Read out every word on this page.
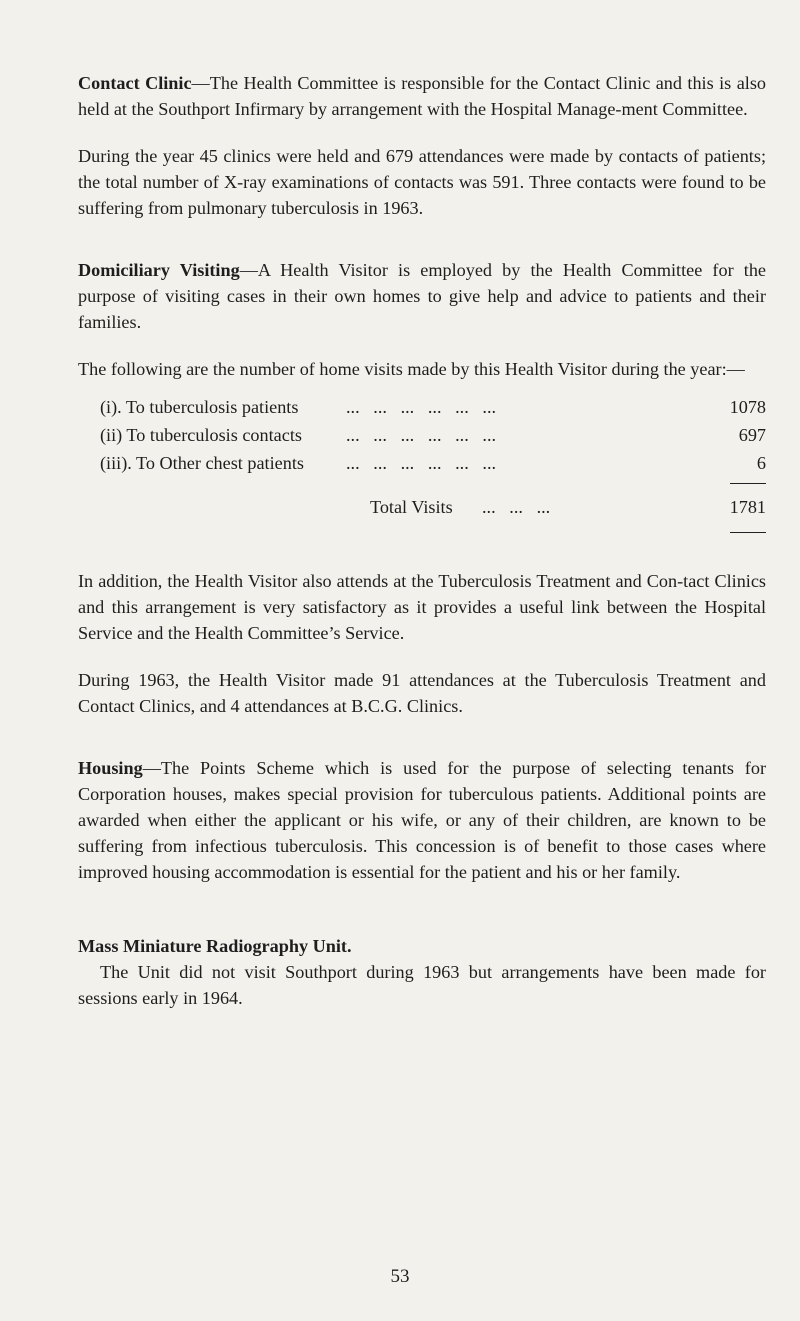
Contact Clinic—The Health Committee is responsible for the Contact Clinic and this is also held at the Southport Infirmary by arrangement with the Hospital Manage-ment Committee.

During the year 45 clinics were held and 679 attendances were made by contacts of patients; the total number of X-ray examinations of contacts was 591. Three contacts were found to be suffering from pulmonary tuberculosis in 1963.

Domiciliary Visiting—A Health Visitor is employed by the Health Committee for the purpose of visiting cases in their own homes to give help and advice to patients and their families.

The following are the number of home visits made by this Health Visitor during the year:—

(i). To tuberculosis patients	...   ...   ...   ...   ...   ...	1078
(ii) To tuberculosis contacts ...   ...   ...   ...   ...   ...	697
(iii). To Other chest patients ...   ...   ...   ...   ...   ...	6
Total Visits ...   ...   ...	1781

In addition, the Health Visitor also attends at the Tuberculosis Treatment and Con-tact Clinics and this arrangement is very satisfactory as it provides a useful link between the Hospital Service and the Health Committee’s Service.

During 1963, the Health Visitor made 91 attendances at the Tuberculosis Treatment and Contact Clinics, and 4 attendances at B.C.G. Clinics.

Housing—The Points Scheme which is used for the purpose of selecting tenants for Corporation houses, makes special provision for tuberculous patients. Additional points are awarded when either the applicant or his wife, or any of their children, are known to be suffering from infectious tuberculosis. This concession is of benefit to those cases where improved housing accommodation is essential for the patient and his or her family.

Mass Miniature Radiography Unit.

The Unit did not visit Southport during 1963 but arrangements have been made for sessions early in 1964.

53
